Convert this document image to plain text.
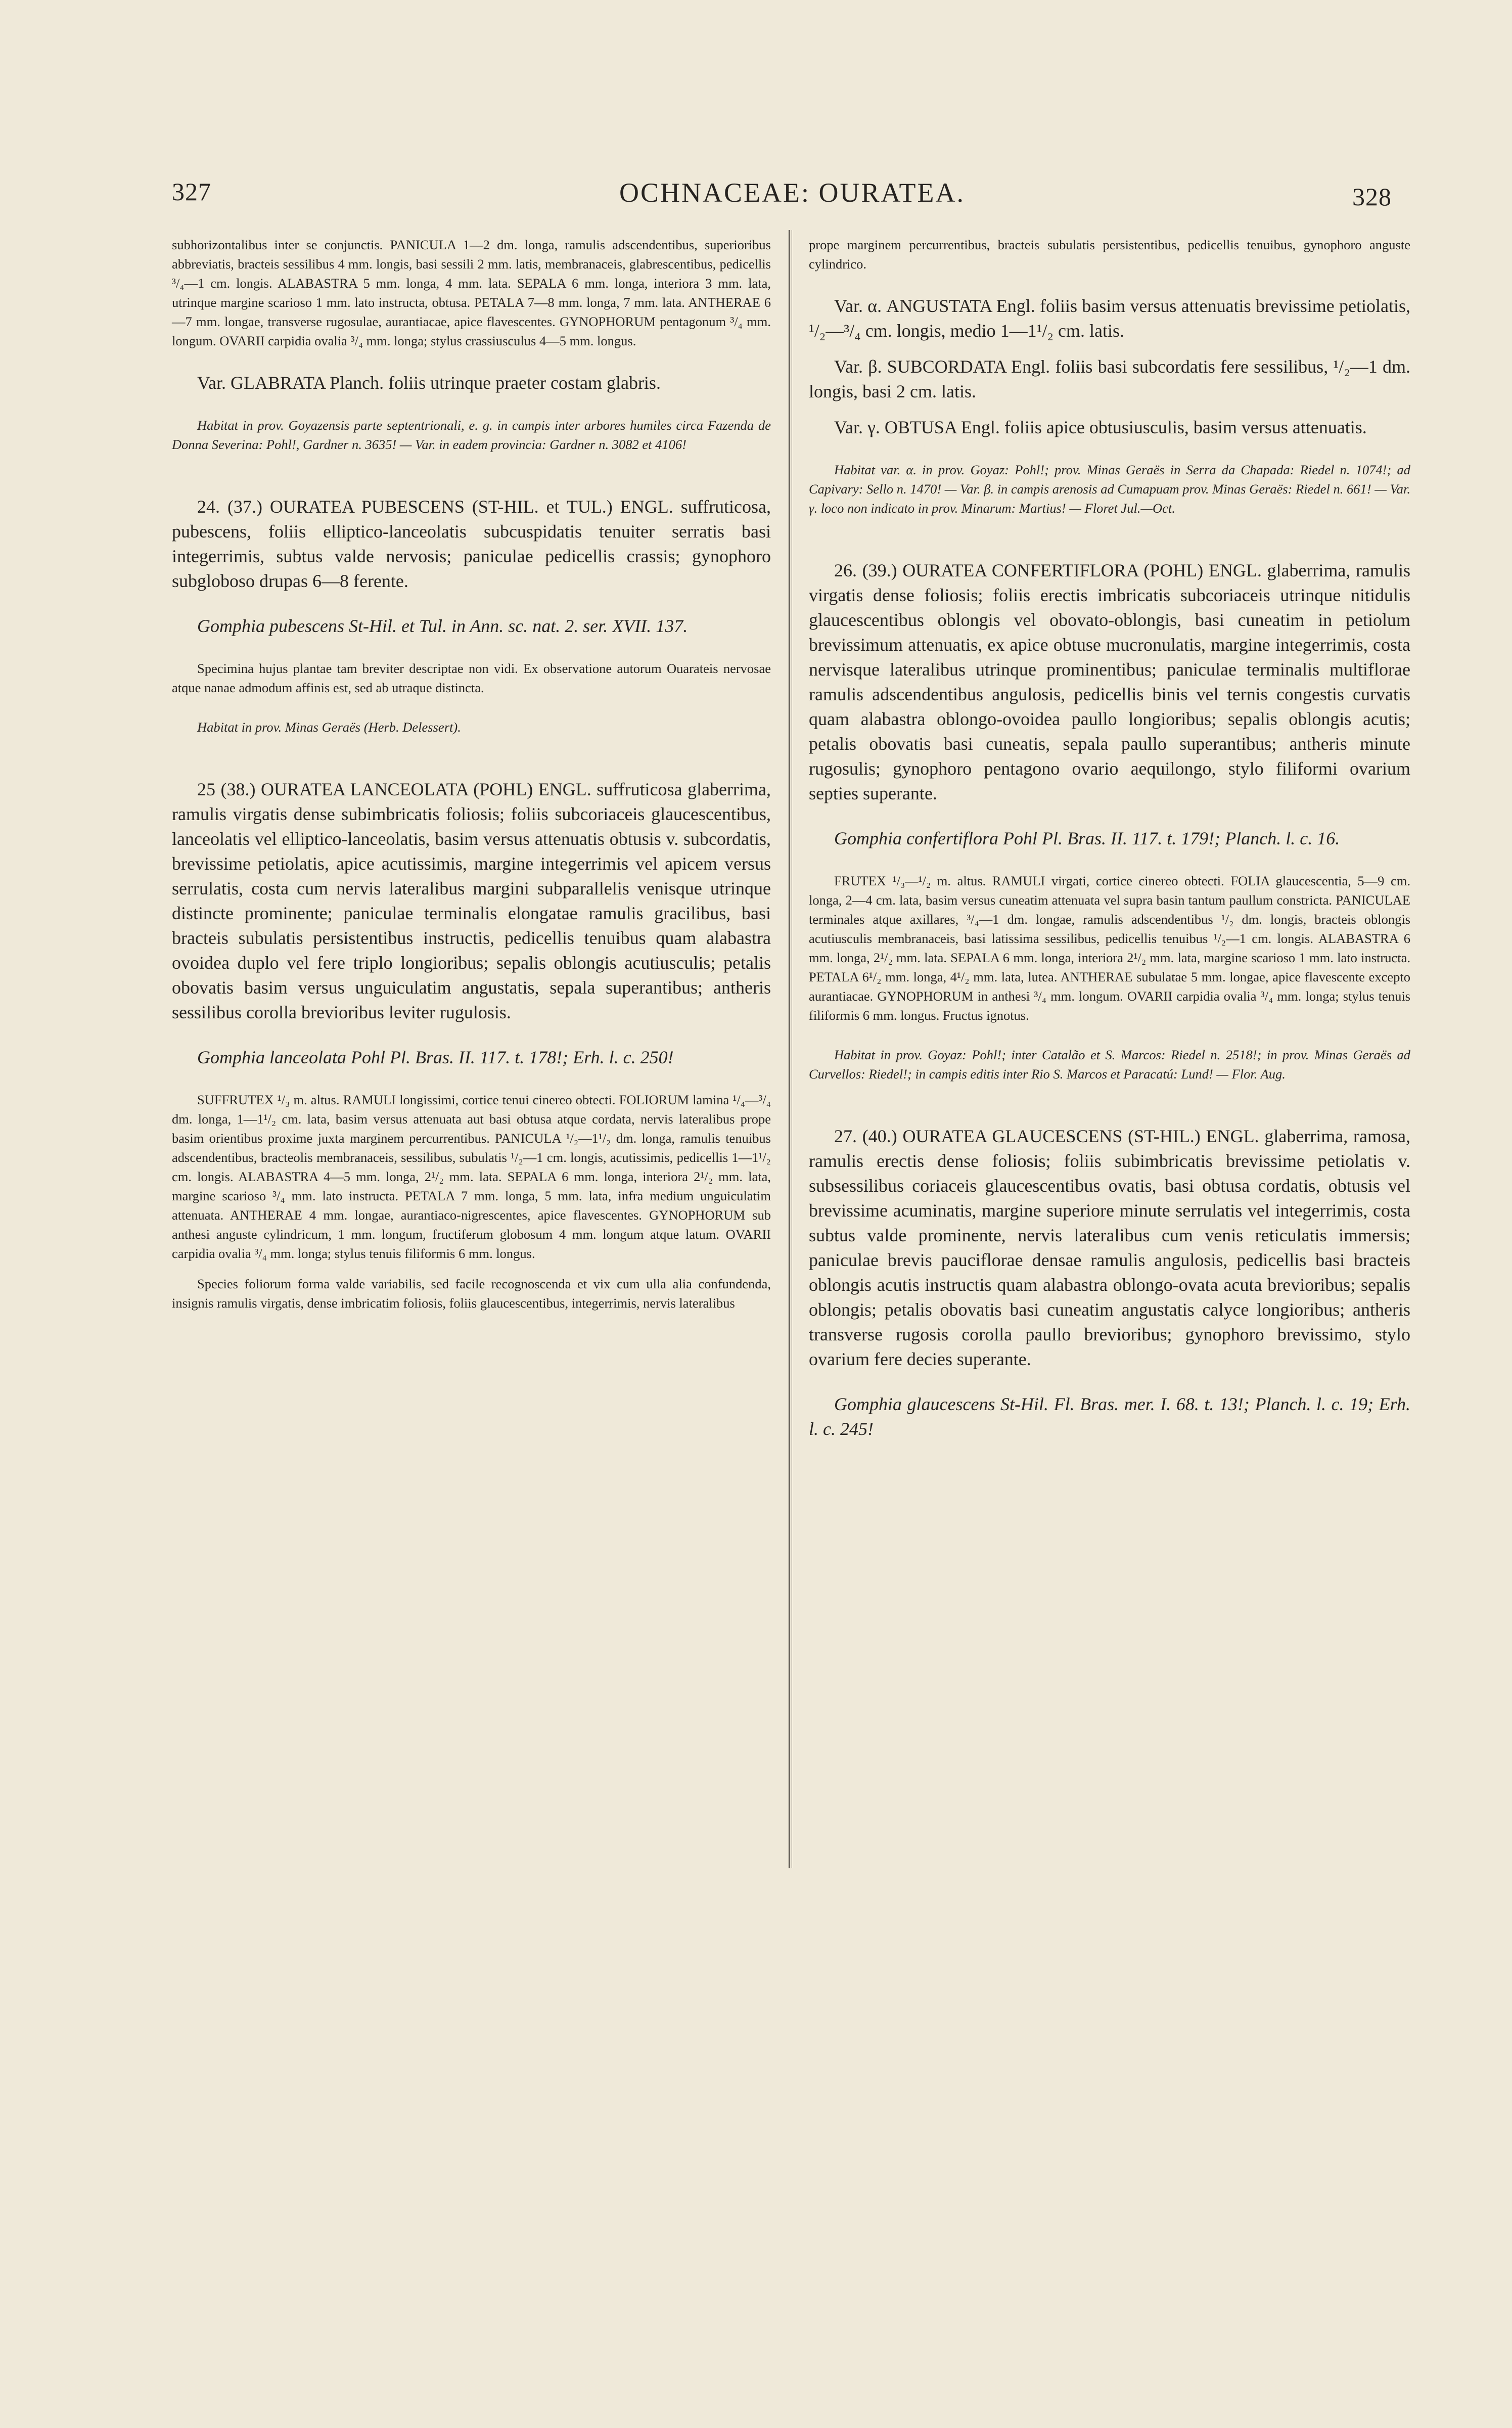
327	OCHNACEAE: OURATEA.	328

subhorizontalibus inter se conjunctis. PANICULA 1—2 dm. longa, ramulis adscendentibus, superioribus abbreviatis, bracteis sessilibus 4 mm. longis, basi sessili 2 mm. latis, membranaceis, glabrescentibus, pedicellis ³/₄—1 cm. longis. ALABASTRA 5 mm. longa, 4 mm. lata. SEPALA 6 mm. longa, interiora 3 mm. lata, utrinque margine scarioso 1 mm. lato instructa, obtusa. PETALA 7—8 mm. longa, 7 mm. lata. ANTHERAE 6—7 mm. longae, transverse rugosulae, aurantiacae, apice flavescentes. GYNOPHORUM pentagonum ³/₄ mm. longum. OVARII carpidia ovalia ³/₄ mm. longa; stylus crassiusculus 4—5 mm. longus.

Var. GLABRATA Planch. foliis utrinque praeter costam glabris.

Habitat in prov. Goyazensis parte septentrionali, e. g. in campis inter arbores humiles circa Fazenda de Donna Severina: Pohl!, Gardner n. 3635! — Var. in eadem provincia: Gardner n. 3082 et 4106!

24. (37.) OURATEA PUBESCENS (ST-HIL. et TUL.) ENGL. suffruticosa, pubescens, foliis elliptico-lanceolatis subcuspidatis tenuiter serratis basi integerrimis, subtus valde nervosis; paniculae pedicellis crassis; gynophoro subgloboso drupas 6—8 ferente.

Gomphia pubescens St-Hil. et Tul. in Ann. sc. nat. 2. ser. XVII. 137.

Specimina hujus plantae tam breviter descriptae non vidi. Ex observatione autorum Ouarateis nervosae atque nanae admodum affinis est, sed ab utraque distincta.

Habitat in prov. Minas Geraës (Herb. Delessert).

25 (38.) OURATEA LANCEOLATA (POHL) ENGL. suffruticosa glaberrima, ramulis virgatis dense subimbricatis foliosis; foliis subcoriaceis glaucescentibus, lanceolatis vel elliptico-lanceolatis, basim versus attenuatis obtusis v. subcordatis, brevissime petiolatis, apice acutissimis, margine integerrimis vel apicem versus serrulatis, costa cum nervis lateralibus margini subparallelis venisque utrinque distincte prominente; paniculae terminalis elongatae ramulis gracilibus, basi bracteis subulatis persistentibus instructis, pedicellis tenuibus quam alabastra ovoidea duplo vel fere triplo longioribus; sepalis oblongis acutiusculis; petalis obovatis basim versus unguiculatim angustatis, sepala superantibus; antheris sessilibus corolla brevioribus leviter rugulosis.

Gomphia lanceolata Pohl Pl. Bras. II. 117. t. 178!; Erh. l. c. 250!

SUFFRUTEX ¹/₃ m. altus. RAMULI longissimi, cortice tenui cinereo obtecti. FOLIORUM lamina ¹/₄—³/₄ dm. longa, 1—1¹/₂ cm. lata, basim versus attenuata aut basi obtusa atque cordata, nervis lateralibus prope basim orientibus proxime juxta marginem percurrentibus. PANICULA ¹/₂—1¹/₂ dm. longa, ramulis tenuibus adscendentibus, bracteolis membranaceis, sessilibus, subulatis ¹/₂—1 cm. longis, acutissimis, pedicellis 1—1¹/₂ cm. longis. ALABASTRA 4—5 mm. longa, 2¹/₂ mm. lata. SEPALA 6 mm. longa, interiora 2¹/₂ mm. lata, margine scarioso ³/₄ mm. lato instructa. PETALA 7 mm. longa, 5 mm. lata, infra medium unguiculatim attenuata. ANTHERAE 4 mm. longae, aurantiaco-nigrescentes, apice flavescentes. GYNOPHORUM sub anthesi anguste cylindricum, 1 mm. longum, fructiferum globosum 4 mm. longum atque latum. OVARII carpidia ovalia ³/₄ mm. longa; stylus tenuis filiformis 6 mm. longus.

Species foliorum forma valde variabilis, sed facile recognoscenda et vix cum ulla alia confundenda, insignis ramulis virgatis, dense imbricatim foliosis, foliis glaucescentibus, integerrimis, nervis lateralibus

prope marginem percurrentibus, bracteis subulatis persistentibus, pedicellis tenuibus, gynophoro anguste cylindrico.

Var. α. ANGUSTATA Engl. foliis basim versus attenuatis brevissime petiolatis, ¹/₂—³/₄ cm. longis, medio 1—1¹/₂ cm. latis.

Var. β. SUBCORDATA Engl. foliis basi subcordatis fere sessilibus, ¹/₂—1 dm. longis, basi 2 cm. latis.

Var. γ. OBTUSA Engl. foliis apice obtusiusculis, basim versus attenuatis.

Habitat var. α. in prov. Goyaz: Pohl!; prov. Minas Geraës in Serra da Chapada: Riedel n. 1074!; ad Capivary: Sello n. 1470! — Var. β. in campis arenosis ad Cumapuam prov. Minas Geraës: Riedel n. 661! — Var. γ. loco non indicato in prov. Minarum: Martius! — Floret Jul.—Oct.

26. (39.) OURATEA CONFERTIFLORA (POHL) ENGL. glaberrima, ramulis virgatis dense foliosis; foliis erectis imbricatis subcoriaceis utrinque nitidulis glaucescentibus oblongis vel obovato-oblongis, basi cuneatim in petiolum brevissimum attenuatis, ex apice obtuse mucronulatis, margine integerrimis, costa nervisque lateralibus utrinque prominentibus; paniculae terminalis multiflorae ramulis adscendentibus angulosis, pedicellis binis vel ternis congestis curvatis quam alabastra oblongo-ovoidea paullo longioribus; sepalis oblongis acutis; petalis obovatis basi cuneatis, sepala paullo superantibus; antheris minute rugosulis; gynophoro pentagono ovario aequilongo, stylo filiformi ovarium septies superante.

Gomphia confertiflora Pohl Pl. Bras. II. 117. t. 179!; Planch. l. c. 16.

FRUTEX ¹/₃—¹/₂ m. altus. RAMULI virgati, cortice cinereo obtecti. FOLIA glaucescentia, 5—9 cm. longa, 2—4 cm. lata, basim versus cuneatim attenuata vel supra basin tantum paullum constricta. PANICULAE terminales atque axillares, ³/₄—1 dm. longae, ramulis adscendentibus ¹/₂ dm. longis, bracteis oblongis acutiusculis membranaceis, basi latissima sessilibus, pedicellis tenuibus ¹/₂—1 cm. longis. ALABASTRA 6 mm. longa, 2¹/₂ mm. lata. SEPALA 6 mm. longa, interiora 2¹/₂ mm. lata, margine scarioso 1 mm. lato instructa. PETALA 6¹/₂ mm. longa, 4¹/₂ mm. lata, lutea. ANTHERAE subulatae 5 mm. longae, apice flavescente excepto aurantiacae. GYNOPHORUM in anthesi ³/₄ mm. longum. OVARII carpidia ovalia ³/₄ mm. longa; stylus tenuis filiformis 6 mm. longus. Fructus ignotus.

Habitat in prov. Goyaz: Pohl!; inter Catalão et S. Marcos: Riedel n. 2518!; in prov. Minas Geraës ad Curvellos: Riedel!; in campis editis inter Rio S. Marcos et Paracatú: Lund! — Flor. Aug.

27. (40.) OURATEA GLAUCESCENS (ST-HIL.) ENGL. glaberrima, ramosa, ramulis erectis dense foliosis; foliis subimbricatis brevissime petiolatis v. subsessilibus coriaceis glaucescentibus ovatis, basi obtusa cordatis, obtusis vel brevissime acuminatis, margine superiore minute serrulatis vel integerrimis, costa subtus valde prominente, nervis lateralibus cum venis reticulatis immersis; paniculae brevis pauciflorae densae ramulis angulosis, pedicellis basi bracteis oblongis acutis instructis quam alabastra oblongo-ovata acuta brevioribus; sepalis oblongis; petalis obovatis basi cuneatim angustatis calyce longioribus; antheris transverse rugosis corolla paullo brevioribus; gynophoro brevissimo, stylo ovarium fere decies superante.

Gomphia glaucescens St-Hil. Fl. Bras. mer. I. 68. t. 13!; Planch. l. c. 19; Erh. l. c. 245!
